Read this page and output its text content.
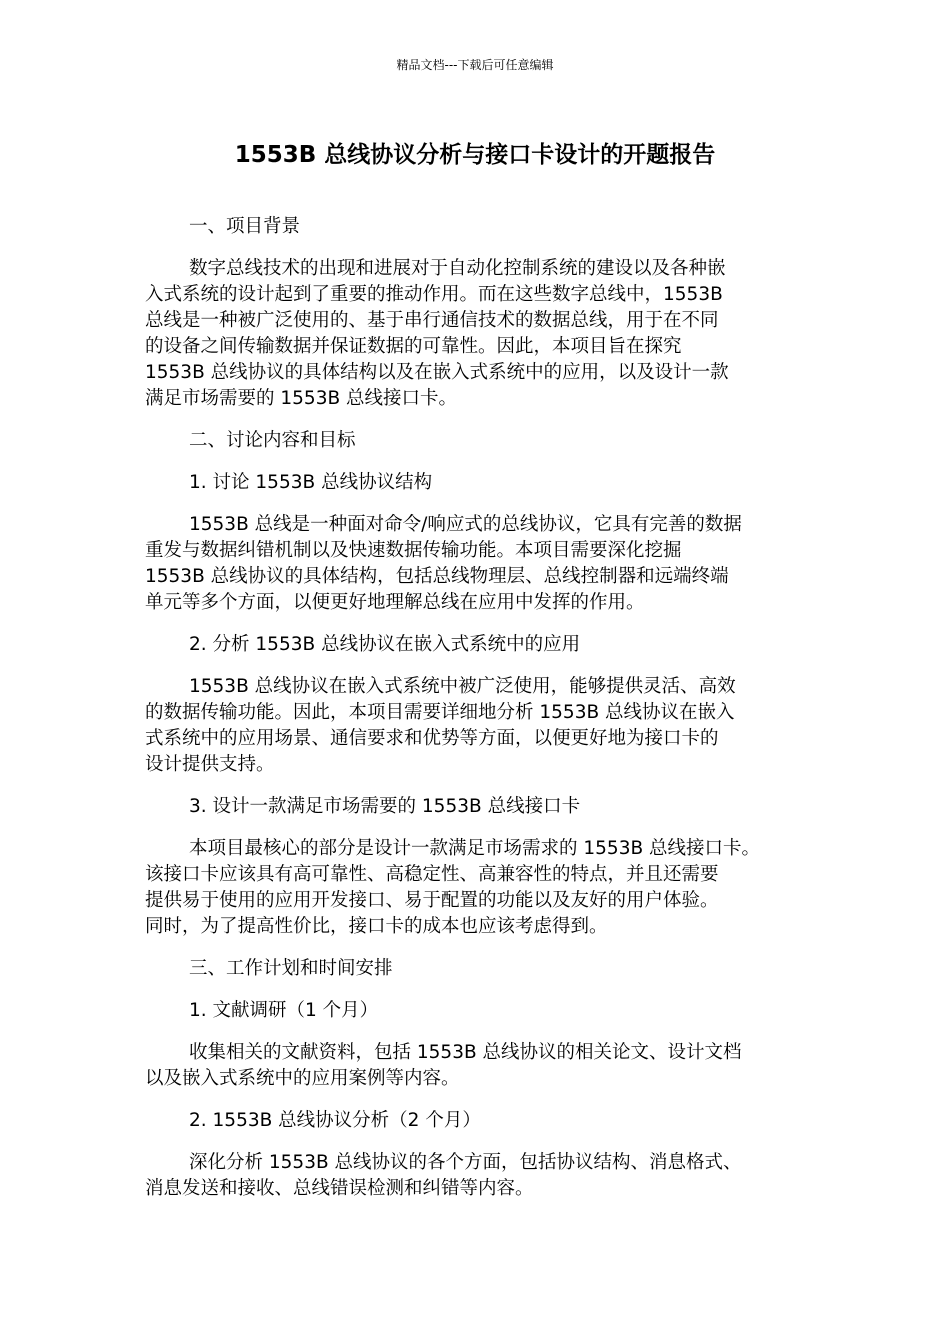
精品文档---下载后可任意编辑
1553B 总线协议分析与接口卡设计的开题报告
一、项目背景
数字总线技术的出现和进展对于自动化控制系统的建设以及各种嵌
入式系统的设计起到了重要的推动作用。而在这些数字总线中，1553B
总线是一种被广泛使用的、基于串行通信技术的数据总线，用于在不同
的设备之间传输数据并保证数据的可靠性。因此，本项目旨在探究
1553B 总线协议的具体结构以及在嵌入式系统中的应用，以及设计一款
满足市场需要的 1553B 总线接口卡。
二、讨论内容和目标
1. 讨论 1553B 总线协议结构
1553B 总线是一种面对命令/响应式的总线协议，它具有完善的数据
重发与数据纠错机制以及快速数据传输功能。本项目需要深化挖掘
1553B 总线协议的具体结构，包括总线物理层、总线控制器和远端终端
单元等多个方面，以便更好地理解总线在应用中发挥的作用。
2. 分析 1553B 总线协议在嵌入式系统中的应用
1553B 总线协议在嵌入式系统中被广泛使用，能够提供灵活、高效
的数据传输功能。因此，本项目需要详细地分析 1553B 总线协议在嵌入
式系统中的应用场景、通信要求和优势等方面，以便更好地为接口卡的
设计提供支持。
3. 设计一款满足市场需要的 1553B 总线接口卡
本项目最核心的部分是设计一款满足市场需求的 1553B 总线接口卡。
该接口卡应该具有高可靠性、高稳定性、高兼容性的特点，并且还需要
提供易于使用的应用开发接口、易于配置的功能以及友好的用户体验。
同时，为了提高性价比，接口卡的成本也应该考虑得到。
三、工作计划和时间安排
1. 文献调研（1 个月）
收集相关的文献资料，包括 1553B 总线协议的相关论文、设计文档
以及嵌入式系统中的应用案例等内容。
2. 1553B 总线协议分析（2 个月）
深化分析 1553B 总线协议的各个方面，包括协议结构、消息格式、
消息发送和接收、总线错误检测和纠错等内容。
